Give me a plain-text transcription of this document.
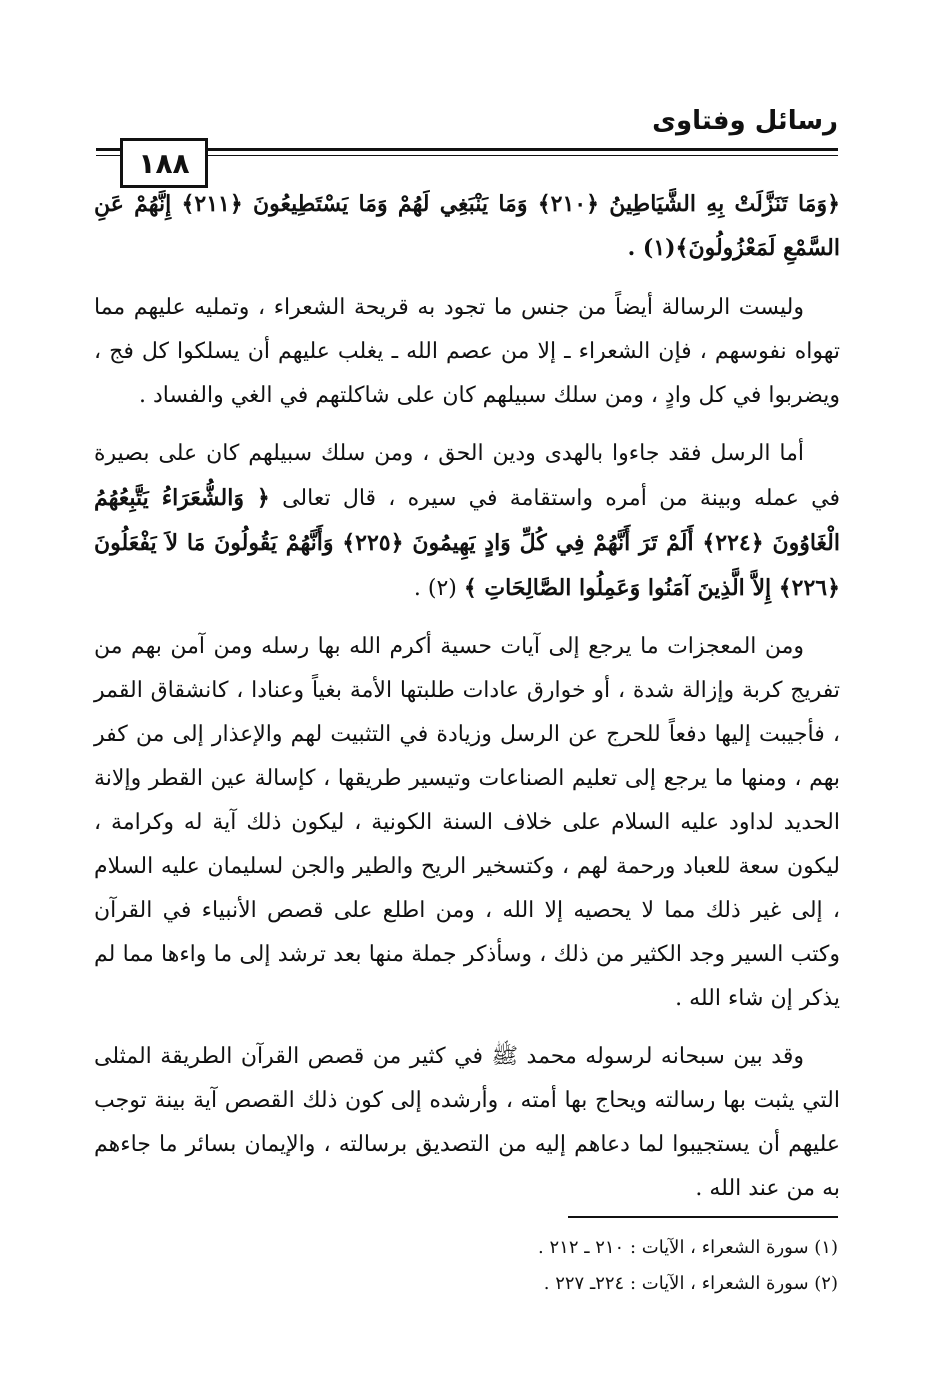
رسائل وفتاوى
١٨٨

﴿وَمَا تَنَزَّلَتْ بِهِ الشَّيَاطِينُ ﴿٢١٠﴾ وَمَا يَنْبَغِي لَهُمْ وَمَا يَسْتَطِيعُونَ ﴿٢١١﴾ إِنَّهُمْ عَنِ السَّمْعِ لَمَعْزُولُونَ﴾(١) .

وليست الرسالة أيضاً من جنس ما تجود به قريحة الشعراء ، وتمليه عليهم مما تهواه نفوسهم ، فإن الشعراء ـ إلا من عصم الله ـ يغلب عليهم أن يسلكوا كل فج ، ويضربوا في كل وادٍ ، ومن سلك سبيلهم كان على شاكلتهم في الغي والفساد .

أما الرسل فقد جاءوا بالهدى ودين الحق ، ومن سلك سبيلهم كان على بصيرة في عمله وبينة من أمره واستقامة في سيره ، قال تعالى ﴿ وَالشُّعَرَاءُ يَتَّبِعُهُمُ الْغَاوُونَ ﴿٢٢٤﴾ أَلَمْ تَرَ أَنَّهُمْ فِي كُلِّ وَادٍ يَهِيمُونَ ﴿٢٢٥﴾ وَأَنَّهُمْ يَقُولُونَ مَا لاَ يَفْعَلُونَ ﴿٢٢٦﴾ إِلاَّ الَّذِينَ آمَنُوا وَعَمِلُوا الصَّالِحَاتِ ﴾ (٢) .

ومن المعجزات ما يرجع إلى آيات حسية أكرم الله بها رسله ومن آمن بهم من تفريج كربة وإزالة شدة ، أو خوارق عادات طلبتها الأمة بغياً وعنادا ، كانشقاق القمر ، فأجيبت إليها دفعاً للحرج عن الرسل وزيادة في التثبيت لهم والإعذار إلى من كفر بهم ، ومنها ما يرجع إلى تعليم الصناعات وتيسير طريقها ، كإسالة عين القطر وإلانة الحديد لداود عليه السلام على خلاف السنة الكونية ، ليكون ذلك آية له وكرامة ، ليكون سعة للعباد ورحمة لهم ، وكتسخير الريح والطير والجن لسليمان عليه السلام ، إلى غير ذلك مما لا يحصيه إلا الله ، ومن اطلع على قصص الأنبياء في القرآن وكتب السير وجد الكثير من ذلك ، وسأذكر جملة منها بعد ترشد إلى ما واءها مما لم يذكر إن شاء الله .

وقد بين سبحانه لرسوله محمد ﷺ في كثير من قصص القرآن الطريقة المثلى التي يثبت بها رسالته ويحاج بها أمته ، وأرشده إلى كون ذلك القصص آية بينة توجب عليهم أن يستجيبوا لما دعاهم إليه من التصديق برسالته ، والإيمان بسائر ما جاءهم به من عند الله .

(١) سورة الشعراء ، الآيات : ٢١٠ ـ ٢١٢ .

(٢) سورة الشعراء ، الآيات : ٢٢٤ـ ٢٢٧ .
